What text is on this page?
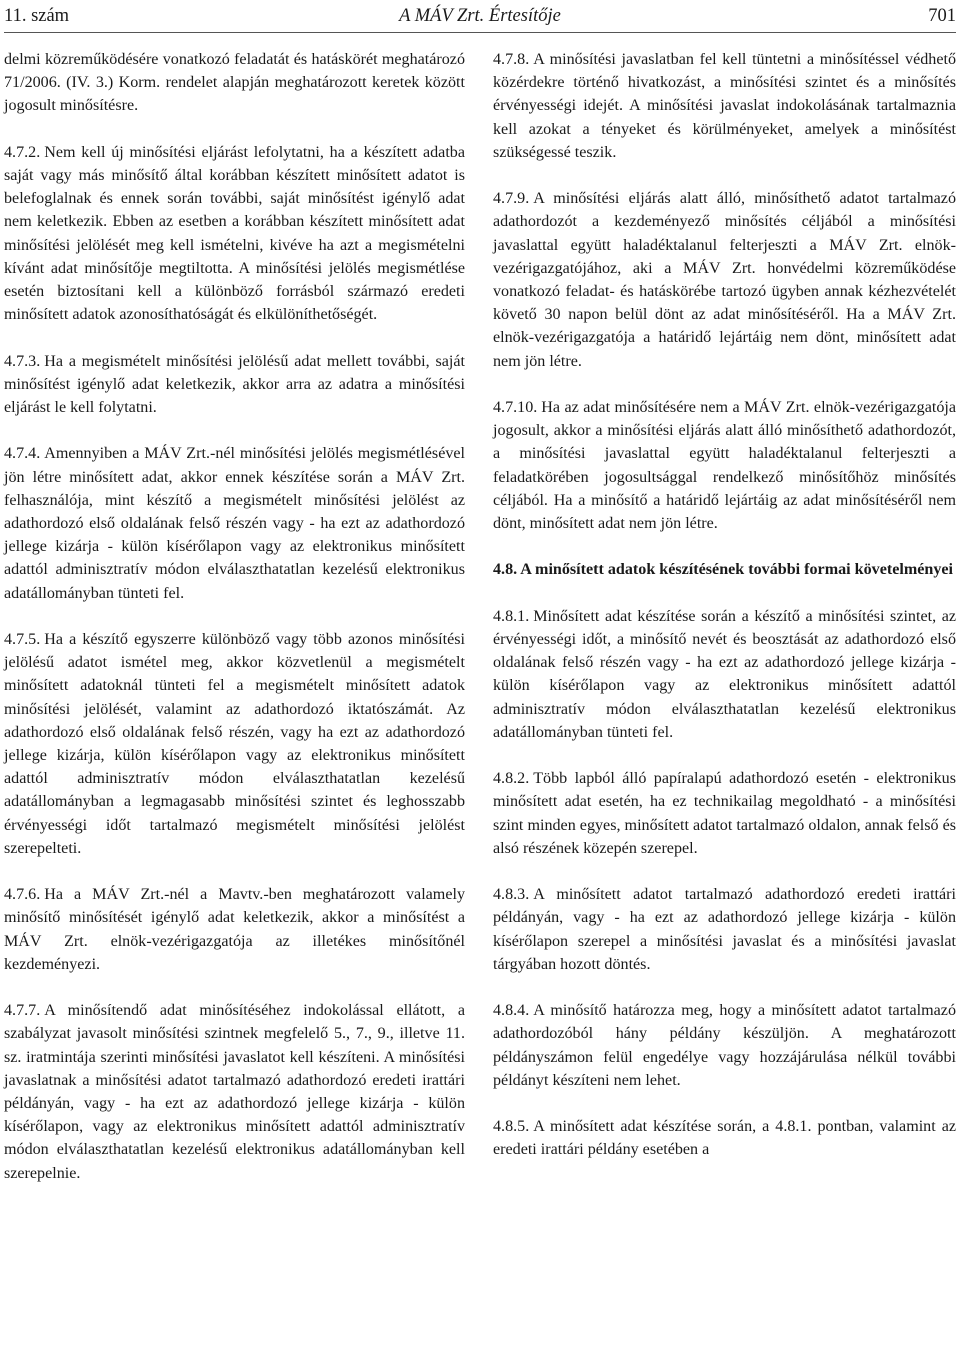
11. szám	A MÁV Zrt. Értesítője	701

delmi közreműködésére vonatkozó feladatát és hatáskörét meghatározó 71/2006. (IV. 3.) Korm. rendelet alapján meghatározott keretek között jogosult minősítésre.

4.7.2. Nem kell új minősítési eljárást lefolytatni, ha a készített adatba saját vagy más minősítő által korábban készített minősített adatot is belefoglalnak és ennek során további, saját minősítést igénylő adat nem keletkezik. Ebben az esetben a korábban készített minősített adat minősítési jelölését meg kell ismételni, kivéve ha azt a megismételni kívánt adat minősítője megtiltotta. A minősítési jelölés megismétlése esetén biztosítani kell a különböző forrásból származó eredeti minősített adatok azonosíthatóságát és elkülöníthetőségét.

4.7.3. Ha a megismételt minősítési jelölésű adat mellett további, saját minősítést igénylő adat keletkezik, akkor arra az adatra a minősítési eljárást le kell folytatni.

4.7.4. Amennyiben a MÁV Zrt.-nél minősítési jelölés megismétlésével jön létre minősített adat, akkor ennek készítése során a MÁV Zrt. felhasználója, mint készítő a megismételt minősítési jelölést az adathordozó első oldalának felső részén vagy - ha ezt az adathordozó jellege kizárja - külön kísérőlapon vagy az elektronikus minősített adattól adminisztratív módon elválaszthatatlan kezelésű elektronikus adatállományban tünteti fel.

4.7.5. Ha a készítő egyszerre különböző vagy több azonos minősítési jelölésű adatot ismétel meg, akkor közvetlenül a megismételt minősített adatoknál tünteti fel a megismételt minősített adatok minősítési jelölését, valamint az adathordozó iktatószámát. Az adathordozó első oldalának felső részén, vagy ha ezt az adathordozó jellege kizárja, külön kísérőlapon vagy az elektronikus minősített adattól adminisztratív módon elválaszthatatlan kezelésű adatállományban a legmagasabb minősítési szintet és leghosszabb érvényességi időt tartalmazó megismételt minősítési jelölést szerepelteti.

4.7.6. Ha a MÁV Zrt.-nél a Mavtv.-ben meghatározott valamely minősítő minősítését igénylő adat keletkezik, akkor a minősítést a MÁV Zrt. elnök-vezérigazgatója az illetékes minősítőnél kezdeményezi.

4.7.7. A minősítendő adat minősítéséhez indokolással ellátott, a szabályzat javasolt minősítési szintnek megfelelő 5., 7., 9., illetve 11. sz. iratmintája szerinti minősítési javaslatot kell készíteni. A minősítési javaslatnak a minősítési adatot tartalmazó adathordozó eredeti irattári példányán, vagy - ha ezt az adathordozó jellege kizárja - külön kísérőlapon, vagy az elektronikus minősített adattól adminisztratív módon elválaszthatatlan kezelésű elektronikus adatállományban kell szerepelnie.

4.7.8. A minősítési javaslatban fel kell tüntetni a minősítéssel védhető közérdekre történő hivatkozást, a minősítési szintet és a minősítés érvényességi idejét. A minősítési javaslat indokolásának tartalmaznia kell azokat a tényeket és körülményeket, amelyek a minősítést szükségessé teszik.

4.7.9. A minősítési eljárás alatt álló, minősíthető adatot tartalmazó adathordozót a kezdeményező minősítés céljából a minősítési javaslattal együtt haladéktalanul felterjeszti a MÁV Zrt. elnök-vezérigazgatójához, aki a MÁV Zrt. honvédelmi közreműködése vonatkozó feladat- és hatáskörébe tartozó ügyben annak kézhezvételét követő 30 napon belül dönt az adat minősítéséről. Ha a MÁV Zrt. elnök-vezérigazgatója a határidő lejártáig nem dönt, minősített adat nem jön létre.

4.7.10. Ha az adat minősítésére nem a MÁV Zrt. elnök-vezérigazgatója jogosult, akkor a minősítési eljárás alatt álló minősíthető adathordozót, a minősítési javaslattal együtt haladéktalanul felterjeszti a feladatkörében jogosultsággal rendelkező minősítőhöz minősítés céljából. Ha a minősítő a határidő lejártáig az adat minősítéséről nem dönt, minősített adat nem jön létre.

4.8. A minősített adatok készítésének további formai követelményei

4.8.1. Minősített adat készítése során a készítő a minősítési szintet, az érvényességi időt, a minősítő nevét és beosztását az adathordozó első oldalának felső részén vagy - ha ezt az adathordozó jellege kizárja - külön kísérőlapon vagy az elektronikus minősített adattól adminisztratív módon elválaszthatatlan kezelésű elektronikus adatállományban tünteti fel.

4.8.2. Több lapból álló papíralapú adathordozó esetén - elektronikus minősített adat esetén, ha ez technikailag megoldható - a minősítési szint minden egyes, minősített adatot tartalmazó oldalon, annak felső és alsó részének közepén szerepel.

4.8.3. A minősített adatot tartalmazó adathordozó eredeti irattári példányán, vagy - ha ezt az adathordozó jellege kizárja - külön kísérőlapon szerepel a minősítési javaslat és a minősítési javaslat tárgyában hozott döntés.

4.8.4. A minősítő határozza meg, hogy a minősített adatot tartalmazó adathordozóból hány példány készüljön. A meghatározott példányszámon felül engedélye vagy hozzájárulása nélkül további példányt készíteni nem lehet.

4.8.5. A minősített adat készítése során, a 4.8.1. pontban, valamint az eredeti irattári példány esetében a
